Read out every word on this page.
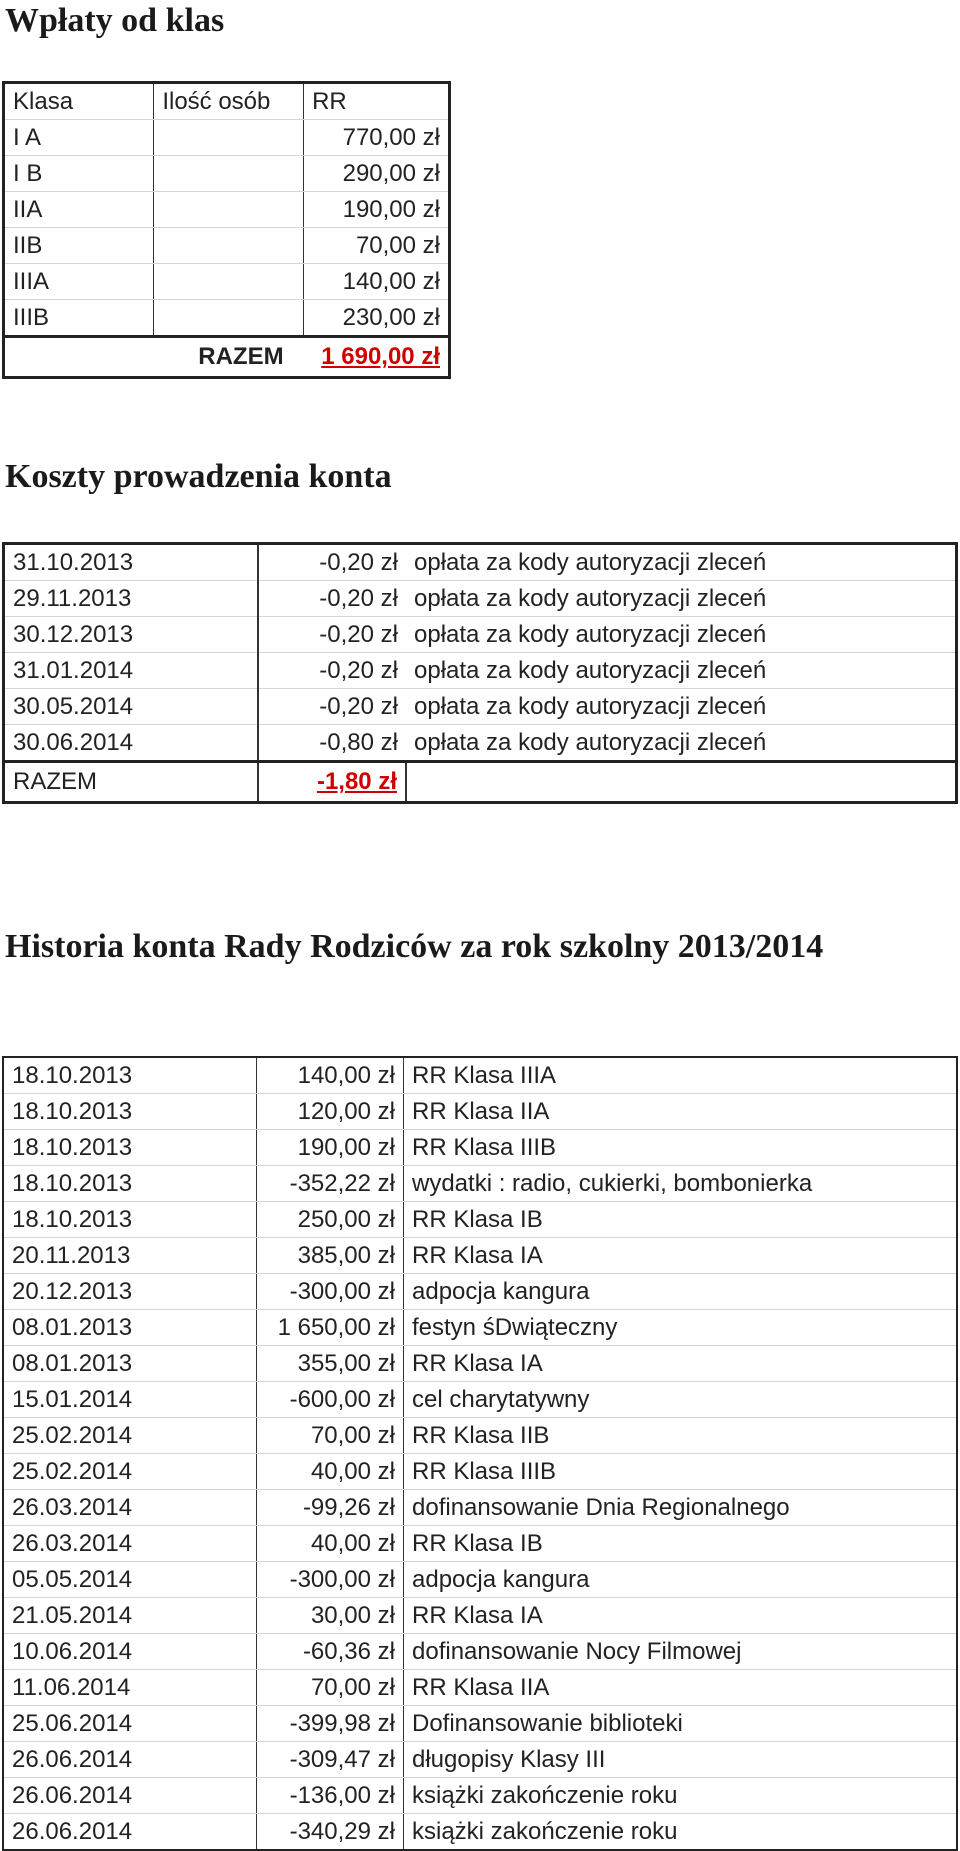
Wpłaty od klas
Klasa	Ilość osób	RR
I A		770,00 zł
I B		290,00 zł
IIA		190,00 zł
IIB		70,00 zł
IIIA		140,00 zł
IIIB		230,00 zł
RAZEM		1 690,00 zł
Koszty prowadzenia konta
31.10.2013	-0,20 zł	opłata za kody autoryzacji zleceń
29.11.2013	-0,20 zł	opłata za kody autoryzacji zleceń
30.12.2013	-0,20 zł	opłata za kody autoryzacji zleceń
31.01.2014	-0,20 zł	opłata za kody autoryzacji zleceń
30.05.2014	-0,20 zł	opłata za kody autoryzacji zleceń
30.06.2014	-0,80 zł	opłata za kody autoryzacji zleceń
RAZEM	-1,80 zł	
Historia konta Rady Rodziców za rok szkolny 2013/2014
18.10.2013	140,00 zł	RR Klasa IIIA
18.10.2013	120,00 zł	RR Klasa IIA
18.10.2013	190,00 zł	RR Klasa IIIB
18.10.2013	-352,22 zł	wydatki : radio, cukierki, bombonierka
18.10.2013	250,00 zł	RR Klasa IB
20.11.2013	385,00 zł	RR Klasa IA
20.12.2013	-300,00 zł	adpocja kangura
08.01.2013	1 650,00 zł	festyn śDwiąteczny
08.01.2013	355,00 zł	RR Klasa IA
15.01.2014	-600,00 zł	cel charytatywny
25.02.2014	70,00 zł	RR Klasa IIB
25.02.2014	40,00 zł	RR Klasa IIIB
26.03.2014	-99,26 zł	dofinansowanie Dnia Regionalnego
26.03.2014	40,00 zł	RR Klasa IB
05.05.2014	-300,00 zł	adpocja kangura
21.05.2014	30,00 zł	RR Klasa IA
10.06.2014	-60,36 zł	dofinansowanie Nocy Filmowej
11.06.2014	70,00 zł	RR Klasa IIA
25.06.2014	-399,98 zł	Dofinansowanie biblioteki
26.06.2014	-309,47 zł	długopisy Klasy III
26.06.2014	-136,00 zł	książki zakończenie roku
26.06.2014	-340,29 zł	książki zakończenie roku
